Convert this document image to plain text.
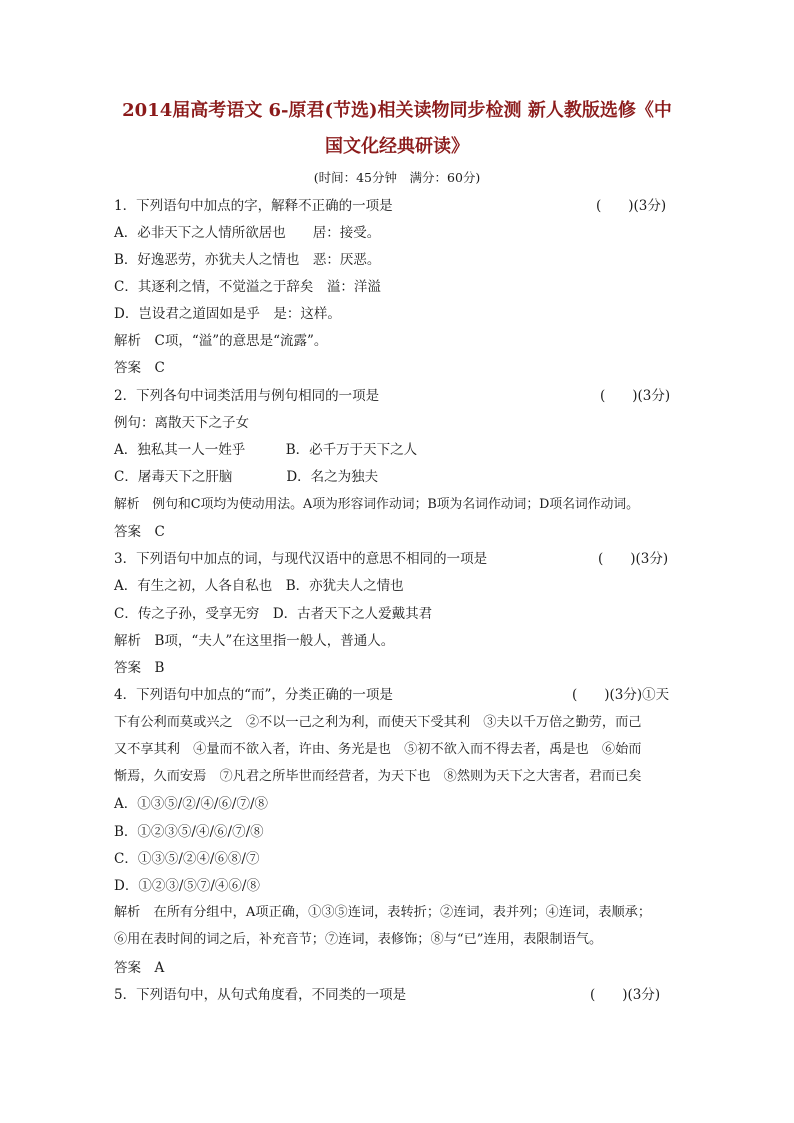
2014届高考语文 6-原君(节选)相关读物同步检测 新人教版选修《中
国文化经典研读》
(时间：45分钟　满分：60分)
1．下列语句中加点的字，解释不正确的一项是	(　　)(3分)
A．必非天下之人情所欲居也　　居：接受。
B．好逸恶劳，亦犹夫人之情也　恶：厌恶。
C．其逐利之情，不觉溢之于辞矣　溢：洋溢
D．岂设君之道固如是乎　是：这样。
解析　C项，“溢”的意思是“流露”。
答案　C
2．下列各句中词类活用与例句相同的一项是	(　　)(3分)
例句：离散天下之子女
A．独私其一人一姓乎　　　B．必千万于天下之人
C．屠毒天下之肝脑　　　　D．名之为独夫
解析　例句和C项均为使动用法。A项为形容词作动词；B项为名词作动词；D项名词作动词。
答案　C
3．下列语句中加点的词，与现代汉语中的意思不相同的一项是	(　　)(3分)
A．有生之初，人各自私也　B．亦犹夫人之情也
C．传之子孙，受享无穷　D．古者天下之人爱戴其君
解析　B项，“夫人”在这里指一般人，普通人。
答案　B
4．下列语句中加点的“而”，分类正确的一项是	(　　)(3分)①天
下有公利而莫或兴之　②不以一己之利为利，而使天下受其利　③夫以千万倍之勤劳，而己
又不享其利　④量而不欲入者，许由、务光是也　⑤初不欲入而不得去者，禹是也　⑥始而
惭焉，久而安焉　⑦凡君之所毕世而经营者，为天下也　⑧然则为天下之大害者，君而已矣
A．①③⑤/②/④/⑥/⑦/⑧
B．①②③⑤/④/⑥/⑦/⑧
C．①③⑤/②④/⑥⑧/⑦
D．①②③/⑤⑦/④⑥/⑧
解析　在所有分组中，A项正确，①③⑤连词，表转折；②连词，表并列；④连词，表顺承；
⑥用在表时间的词之后，补充音节；⑦连词，表修饰；⑧与“已”连用，表限制语气。
答案　A
5．下列语句中，从句式角度看，不同类的一项是	(　　)(3分)
